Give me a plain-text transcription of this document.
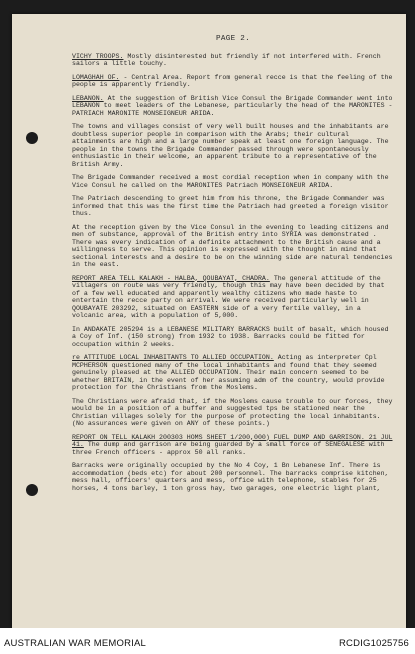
PAGE 2.
VICHY TROOPS. Mostly disinterested but friendly if not interfered with. French sailors a little touchy.
LOMAGHAH OF. - Central Area. Report from general recce is that the feeling of the people is apparently friendly.
LEBANON. At the suggestion of British Vice Consul the Brigade Commander went into LEBANON to meet leaders of the Lebanese, particularly the head of the MARONITES - PATRIACH MARONITE MONSEIGNEUR ARIDA.
The towns and villages consist of very well built houses and the inhabitants are doubtless superior people in comparison with the Arabs; their cultural attainments are high and a large number speak at least one foreign language. The people in the towns the Brigade Commander passed through were spontaneously enthusiastic in their welcome, an apparent tribute to a representative of the British Army.
The Brigade Commander received a most cordial reception when in company with the Vice Consul he called on the MARONITES Patriach MONSEIGNEUR ARIDA.
The Patriach descending to greet him from his throne, the Brigade Commander was informed that this was the first time the Patriach had greeted a foreign visitor thus.
At the reception given by the Vice Consul in the evening to leading citizens and men of substance, approval of the British entry into SYRIA was demonstrated . There was every indication of a definite attachment to the British cause and a willingness to serve. This opinion is expressed with the thought in mind that sectional interests and a desire to be on the winning side are natural tendencies in the east.
REPORT AREA TELL KALAKH - HALBA, QOUBAYAT, CHADRA. The general attitude of the villagers on route was very friendly, though this may have been decided by that of a few well educated and apparently wealthy citizens who made haste to entertain the recce party on arrival. We were received particularly well in QOUBAYATE 203292, situated on EASTERN side of a very fertile valley, in a volcanic area, with a population of 5,000.
In ANDAKATE 205294 is a LEBANESE MILITARY BARRACKS built of basalt, which housed a Coy of Inf. (150 strong) from 1932 to 1938. Barracks could be fitted for occupation within 2 weeks.
re ATTITUDE LOCAL INHABITANTS TO ALLIED OCCUPATION. Acting as interpreter Cpl MCPHERSON questioned many of the local inhabitants and found that they seemed genuinely pleased at the ALLIED OCCUPATION. Their main concern seemed to be whether BRITAIN, in the event of her assuming adm of the country, would provide protection for the Christians from the Moslems.
The Christians were afraid that, if the Moslems cause trouble to our forces, they would be in a position of a buffer and suggested tps be stationed near the Christian villages solely for the purpose of protecting the local inhabitants. (No assurances were given on ANY of these points.)
REPORT ON TELL KALAKH 200303 HOMS SHEET 1/200,000) FUEL DUMP AND GARRISON. 21 JUL 41. The dump and garrison are being guarded by a small force of SENEGALESE with three French officers - approx 50 all ranks.
Barracks were originally occupied by the No 4 Coy, 1 Bn Lebanese Inf. There is accommodation (beds etc) for about 200 personnel. The barracks comprise kitchen, mess hall, officers' quarters and mess, office with telephone, stables for 25 horses, 4 tons barley, 1 ton gross hay, two garages, one electric light plant,
AUSTRALIAN WAR MEMORIAL	RCDIG1025756
